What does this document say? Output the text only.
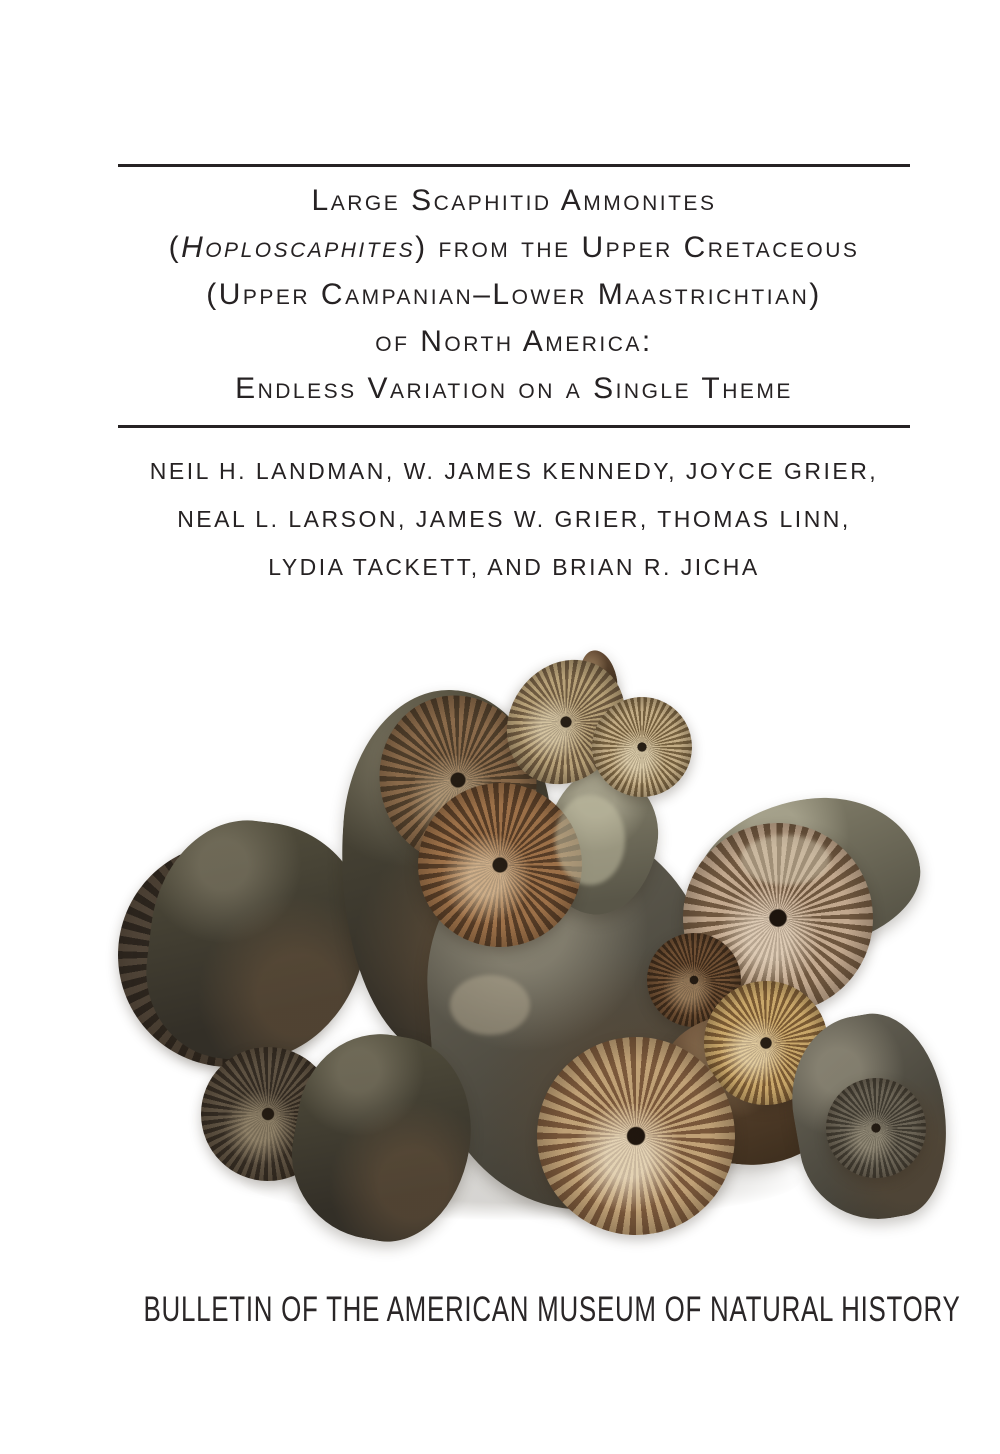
Large Scaphitid Ammonites
(Hoploscaphites) from the Upper Cretaceous
(Upper Campanian–Lower Maastrichtian)
of North America:
Endless Variation on a Single Theme
NEIL H. LANDMAN, W. JAMES KENNEDY, JOYCE GRIER,
NEAL L. LARSON, JAMES W. GRIER, THOMAS LINN,
LYDIA TACKETT, AND BRIAN R. JICHA
BULLETIN OF THE AMERICAN MUSEUM OF NATURAL HISTORY
